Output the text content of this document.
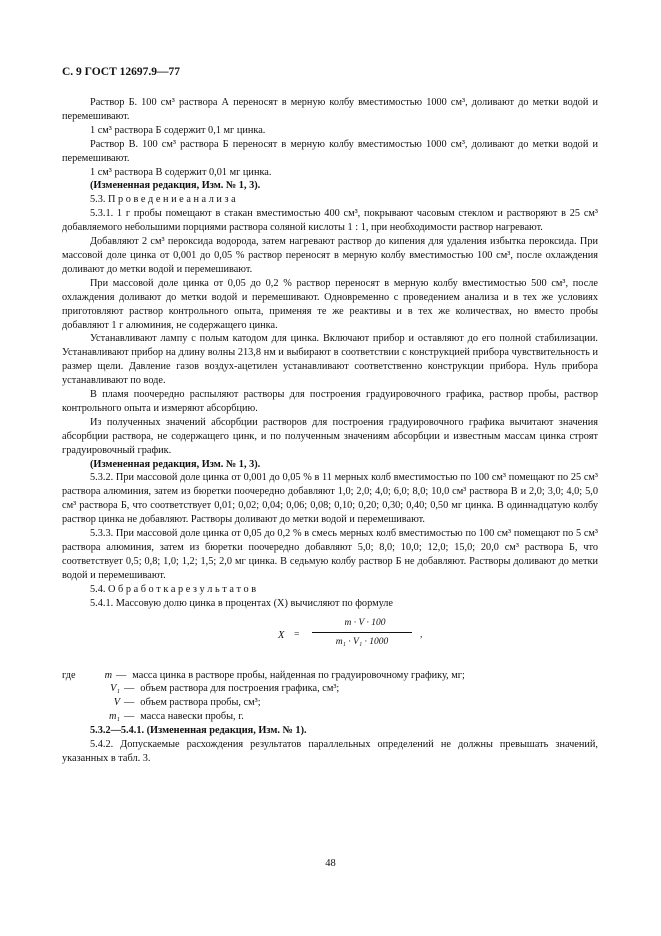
С. 9 ГОСТ 12697.9—77

Раствор Б. 100 см³ раствора А переносят в мерную колбу вместимостью 1000 см³, доливают до метки водой и перемешивают.

1 см³ раствора Б содержит 0,1 мг цинка.

Раствор В. 100 см³ раствора Б переносят в мерную колбу вместимостью 1000 см³, доливают до метки водой и перемешивают.

1 см³ раствора В содержит 0,01 мг цинка.

(Измененная редакция, Изм. № 1, 3).

5.3. П р о в е д е н и е а н а л и з а

5.3.1. 1 г пробы помещают в стакан вместимостью 400 см³, покрывают часовым стеклом и растворяют в 25 см³ добавляемого небольшими порциями раствора соляной кислоты 1 : 1, при необходимости раствор нагревают.

Добавляют 2 см³ пероксида водорода, затем нагревают раствор до кипения для удаления избытка пероксида. При массовой доле цинка от 0,001 до 0,05 % раствор переносят в мерную колбу вместимостью 100 см³, после охлаждения доливают до метки водой и перемешивают.

При массовой доле цинка от 0,05 до 0,2 % раствор переносят в мерную колбу вместимостью 500 см³, после охлаждения доливают до метки водой и перемешивают. Одновременно с проведением анализа и в тех же условиях приготовляют раствор контрольного опыта, применяя те же реактивы и в тех же количествах, но вместо пробы добавляют 1 г алюминия, не содержащего цинка.

Устанавливают лампу с полым катодом для цинка. Включают прибор и оставляют до его полной стабилизации. Устанавливают прибор на длину волны 213,8 нм и выбирают в соответствии с конструкцией прибора чувствительность и размер щели. Давление газов воздух-ацетилен устанавливают соответственно конструкции прибора. Нуль прибора устанавливают по воде.

В пламя поочередно распыляют растворы для построения градуировочного графика, раствор пробы, раствор контрольного опыта и измеряют абсорбцию.

Из полученных значений абсорбции растворов для построения градуировочного графика вычитают значения абсорбции раствора, не содержащего цинк, и по полученным значениям абсорбции и известным массам цинка строят градуировочный график.

(Измененная редакция, Изм. № 1, 3).

5.3.2. При массовой доле цинка от 0,001 до 0,05 % в 11 мерных колб вместимостью по 100 см³ помещают по 25 см³ раствора алюминия, затем из бюретки поочередно добавляют 1,0; 2,0; 4,0; 6,0; 8,0; 10,0 см³ раствора В и 2,0; 3,0; 4,0; 5,0 см³ раствора Б, что соответствует 0,01; 0,02; 0,04; 0,06; 0,08; 0,10; 0,20; 0,30; 0,40; 0,50 мг цинка. В одиннадцатую колбу раствор цинка не добавляют. Растворы доливают до метки водой и перемешивают.

5.3.3. При массовой доле цинка от 0,05 до 0,2 % в смесь мерных колб вместимостью по 100 см³ помещают по 5 см³ раствора алюминия, затем из бюретки поочередно добавляют 5,0; 8,0; 10,0; 12,0; 15,0; 20,0 см³ раствора Б, что соответствует 0,5; 0,8; 1,0; 1,2; 1,5; 2,0 мг цинка. В седьмую колбу раствор Б не добавляют. Растворы доливают до метки водой и перемешивают.

5.4. О б р а б о т к а р е з у л ь т а т о в

5.4.1. Массовую долю цинка в процентах (X) вычисляют по формуле

X =
m · V · 100
m₁ · V₁ · 1000
,
где	m — масса цинка в растворе пробы, найденная по градуировочному графику, мг;
V₁ — объем раствора для построения графика, см³;
V — объем раствора пробы, см³;
m₁ — масса навески пробы, г.

5.3.2—5.4.1. (Измененная редакция, Изм. № 1).

5.4.2. Допускаемые расхождения результатов параллельных определений не должны превышать значений, указанных в табл. 3.

48
